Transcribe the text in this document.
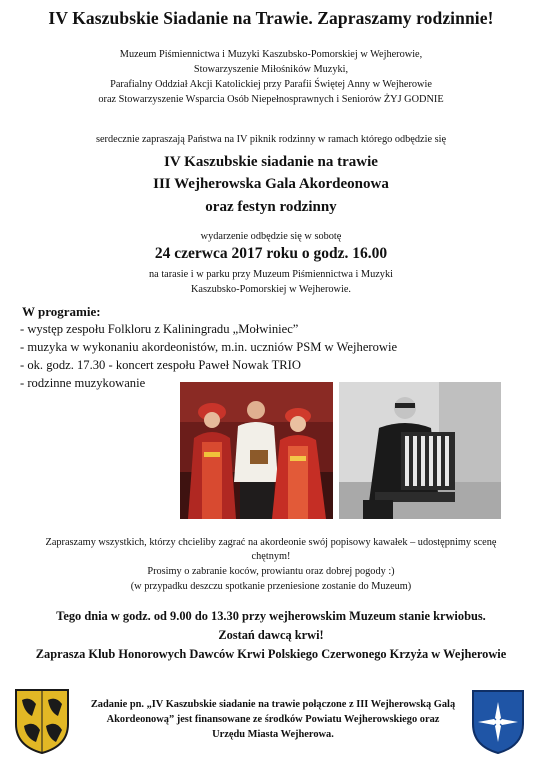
IV Kaszubskie Siadanie na Trawie. Zapraszamy rodzinnie!
Muzeum Piśmiennictwa i Muzyki Kaszubsko-Pomorskiej w Wejherowie,
Stowarzyszenie Miłośników Muzyki,
Parafialny Oddział Akcji Katolickiej przy Parafii Świętej Anny w Wejherowie
oraz Stowarzyszenie Wsparcia Osób Niepełnosprawnych i Seniorów ŻYJ GODNIE
serdecznie zapraszają Państwa na IV piknik rodzinny w ramach którego odbędzie się
IV Kaszubskie siadanie na trawie
III Wejherowska Gala Akordeonowa
oraz festyn rodzinny
wydarzenie odbędzie się w sobotę
24 czerwca 2017 roku o godz. 16.00
na tarasie i w parku przy Muzeum Piśmiennictwa i Muzyki
Kaszubsko-Pomorskiej w Wejherowie.
W programie:
- występ zespołu Folkloru z Kaliningradu „Mołwiniec”
- muzyka w wykonaniu akordeonistów, m.in. uczniów PSM w Wejherowie
- ok. godz. 17.30 - koncert zespołu Paweł Nowak TRIO
- rodzinne muzykowanie
Zapraszamy wszystkich, którzy chcieliby zagrać na akordeonie swój popisowy kawałek – udostępnimy scenę
chętnym!
Prosimy o zabranie koców, prowiantu oraz dobrej pogody :)
(w przypadku deszczu spotkanie przeniesione zostanie do Muzeum)
Tego dnia w godz. od 9.00 do 13.30 przy wejherowskim Muzeum stanie krwiobus.
Zostań dawcą krwi!
Zaprasza Klub Honorowych Dawców Krwi Polskiego Czerwonego Krzyża w Wejherowie
Zadanie pn. „IV Kaszubskie siadanie na trawie połączone z III Wejherowską Galą
Akordeonową” jest finansowane ze środków Powiatu Wejherowskiego oraz
Urzędu Miasta Wejherowa.
